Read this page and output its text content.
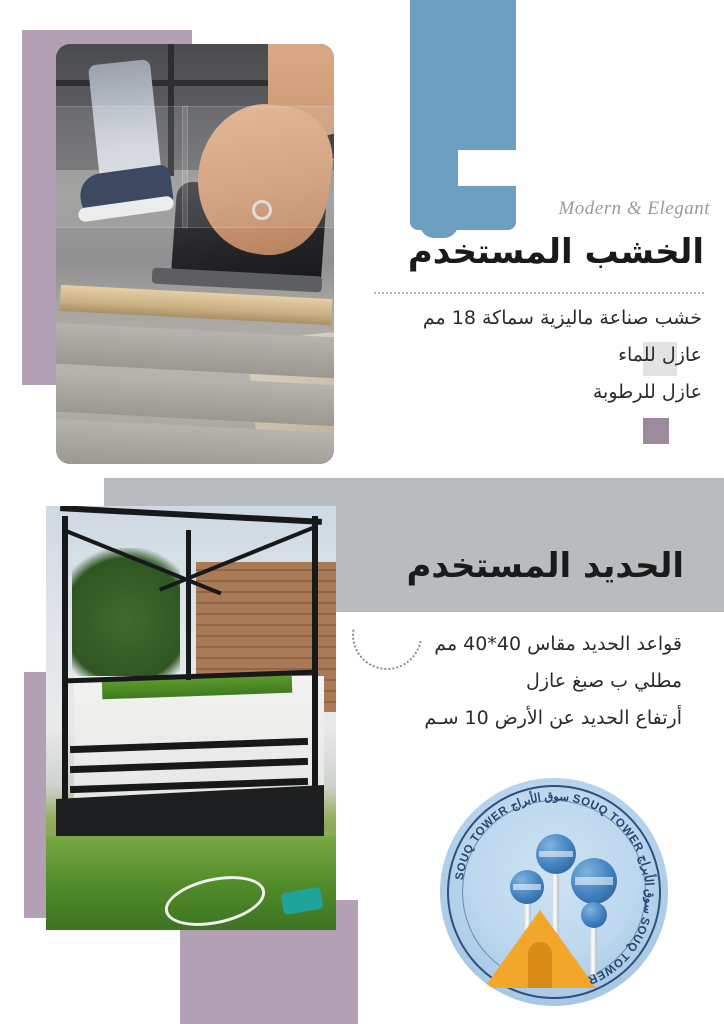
Modern & Elegant
الخشب المستخدم
خشب صناعة ماليزية سماكة 18 مم
عازل للماء
عازل للرطوبة
الحديد المستخدم
قواعد الحديد مقاس 40*40 مم
مطلي ب صبغ عازل
أرتفاع الحديد عن الأرض 10 سـم
SOUQ TOWER سوق الأبراج SOUQ TOWER سوق الأبراج SOUQ TOWER
